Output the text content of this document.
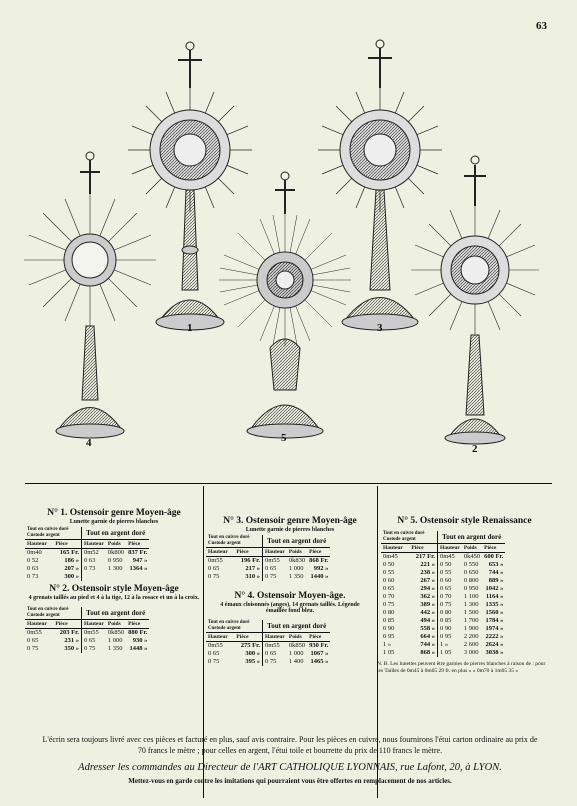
63
1
2
3
4	5

N° 1. Ostensoir genre Moyen-âge

Lunette garnie de pierres blanches

Tout en cuivre doré Custode argent		Tout en argent doré		
Hauteur	Pièce	Hauteur	Poids	Pièce
0m40	165 Fr.	0m52	0k800	837 Fr.
0 52	186 »	0 63	0 950	947 »
0 63	207 »	0 73	1 300	1364 »
0 73	300 »			

N° 2. Ostensoir style Moyen-âge

4 grenats taillés au pied et 4 à la tige, 12 à la rosace et un à la croix.

Tout en cuivre doré Custode argent		Tout en argent doré		
Hauteur	Pièce	Hauteur	Poids	Pièce
0m55	203 Fr.	0m55	0k850	880 Fr.
0 65	231 »	0 65	1 000	930 »
0 75	350 »	0 75	1 350	1448 »

N° 3. Ostensoir genre Moyen-âge

Lunette garnie de pierres blanches

Tout en cuivre doré Custode argent		Tout en argent doré		
Hauteur	Pièce	Hauteur	Poids	Pièce
0m55	196 Fr.	0m55	0k830	868 Fr.
0 65	217 »	0 65	1 000	992 »
0 75	310 »	0 75	1 350	1440 »

N° 4. Ostensoir Moyen-âge.

4 émaux cloisonnés (anges), 14 grenats taillés. Légende émaillée fond bleu.

Tout en cuivre doré Custode argent		Tout en argent doré		
Hauteur	Pièce	Hauteur	Poids	Pièce
0m55	275 Fr.	0m55	0k850	930 Fr.
0 65	300 »	0 65	1 000	1067 »
0 75	395 »	0 75	1 400	1465 »

N° 5. Ostensoir style Renaissance

Tout en cuivre doré Custode argent		Tout en argent doré		
Hauteur	Pièce	Hauteur	Poids	Pièce
0m45	217 Fr.	0m45	0k450	600 Fr.
0 50	221 »	0 50	0 550	653 »
0 55	238 »	0 55	0 650	744 »
0 60	267 »	0 60	0 800	889 »
0 65	294 »	0 65	0 950	1042 »
0 70	362 »	0 70	1 100	1164 »
0 75	389 »	0 75	1 300	1335 »
0 80	442 »	0 80	1 500	1560 »
0 85	494 »	0 85	1 700	1784 »
0 90	558 »	0 90	1 900	1974 »
0 95	664 »	0 95	2 200	2222 »
1 »	744 »	1 »	2 600	2624 »
1 05	868 »	1 05	3 000	3038 »

N. B. Les lunettes peuvent être garnies de pierres blanches à raison de : pour les Tailles de 0m45 à 0m65 29 fr. en plus » » 0m70 à 1m05 35 »

L'écrin sera toujours livré avec ces pièces et facturé en plus, sauf avis contraire. Pour les pièces en cuivre, nous fournirons l'étui carton ordinaire au prix de 70 francs le mètre ; pour celles en argent, l'étui toile et bourrette du prix de 110 francs le mètre.
Adresser les commandes au Directeur de l'ART CATHOLIQUE LYONNAIS, rue Lafont, 20, à LYON.
Mettez-vous en garde contre les imitations qui pourraient vous être offertes en remplacement de nos articles.
